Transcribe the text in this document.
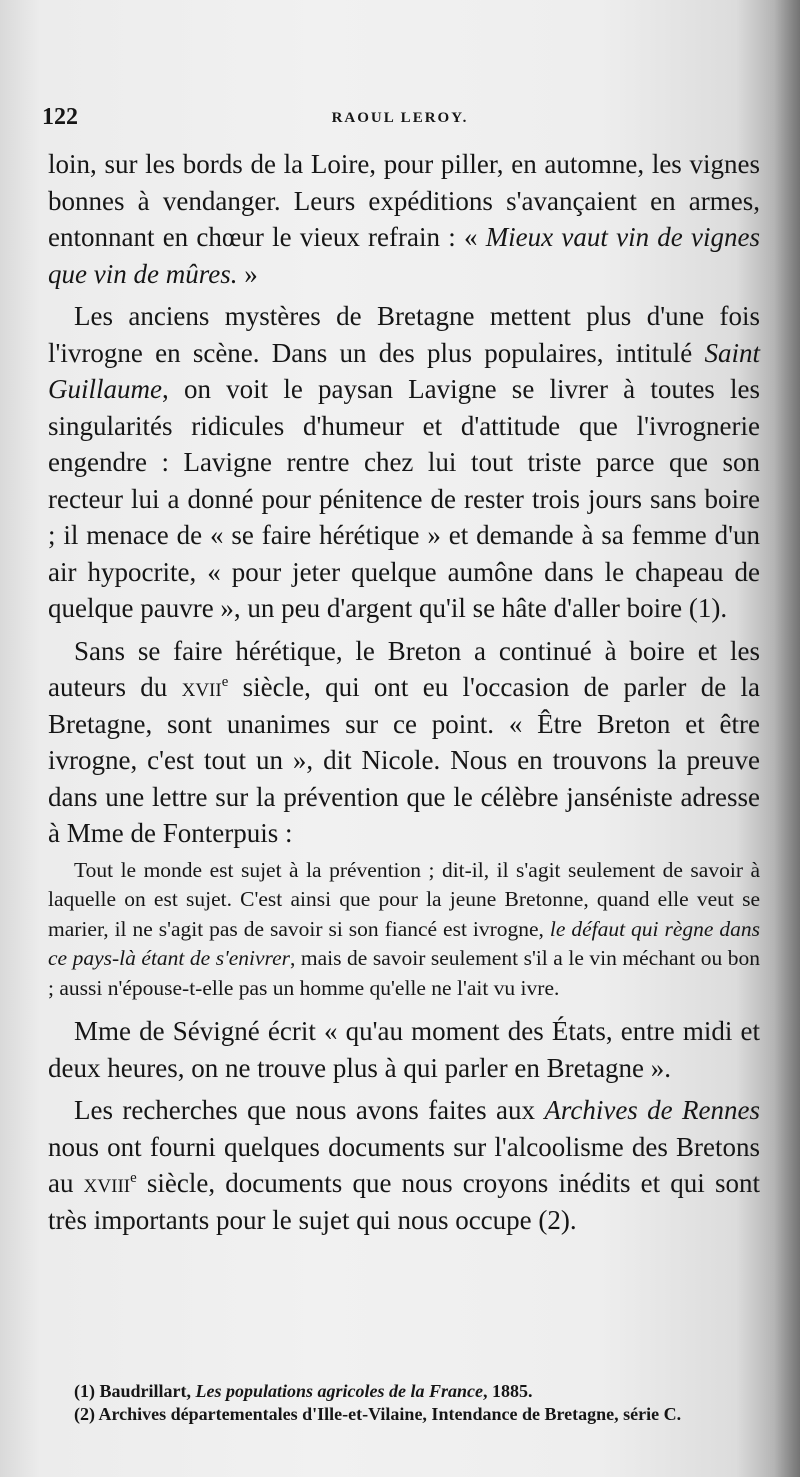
122	RAOUL LEROY.

loin, sur les bords de la Loire, pour piller, en automne, les vignes bonnes à vendanger. Leurs expéditions s'avançaient en armes, entonnant en chœur le vieux refrain : « Mieux vaut vin de vignes que vin de mûres. »

Les anciens mystères de Bretagne mettent plus d'une fois l'ivrogne en scène. Dans un des plus populaires, intitulé Saint Guillaume, on voit le paysan Lavigne se livrer à toutes les singularités ridicules d'humeur et d'attitude que l'ivrognerie engendre : Lavigne rentre chez lui tout triste parce que son recteur lui a donné pour pénitence de rester trois jours sans boire ; il menace de « se faire hérétique » et demande à sa femme d'un air hypocrite, « pour jeter quelque aumône dans le chapeau de quelque pauvre », un peu d'argent qu'il se hâte d'aller boire (1).

Sans se faire hérétique, le Breton a continué à boire et les auteurs du xvii$^e$ siècle, qui ont eu l'occasion de parler de la Bretagne, sont unanimes sur ce point. « Être Breton et être ivrogne, c'est tout un », dit Nicole. Nous en trouvons la preuve dans une lettre sur la prévention que le célèbre janséniste adresse à Mme de Fonterpuis :

Tout le monde est sujet à la prévention ; dit-il, il s'agit seulement de savoir à laquelle on est sujet. C'est ainsi que pour la jeune Bretonne, quand elle veut se marier, il ne s'agit pas de savoir si son fiancé est ivrogne, le défaut qui règne dans ce pays-là étant de s'enivrer, mais de savoir seulement s'il a le vin méchant ou bon ; aussi n'épouse-t-elle pas un homme qu'elle ne l'ait vu ivre.

Mme de Sévigné écrit « qu'au moment des États, entre midi et deux heures, on ne trouve plus à qui parler en Bretagne ».

Les recherches que nous avons faites aux Archives de Rennes nous ont fourni quelques documents sur l'alcoolisme des Bretons au xviii$^e$ siècle, documents que nous croyons inédits et qui sont très importants pour le sujet qui nous occupe (2).

(1) Baudrillart, Les populations agricoles de la France, 1885.

(2) Archives départementales d'Ille-et-Vilaine, Intendance de Bretagne, série C.
